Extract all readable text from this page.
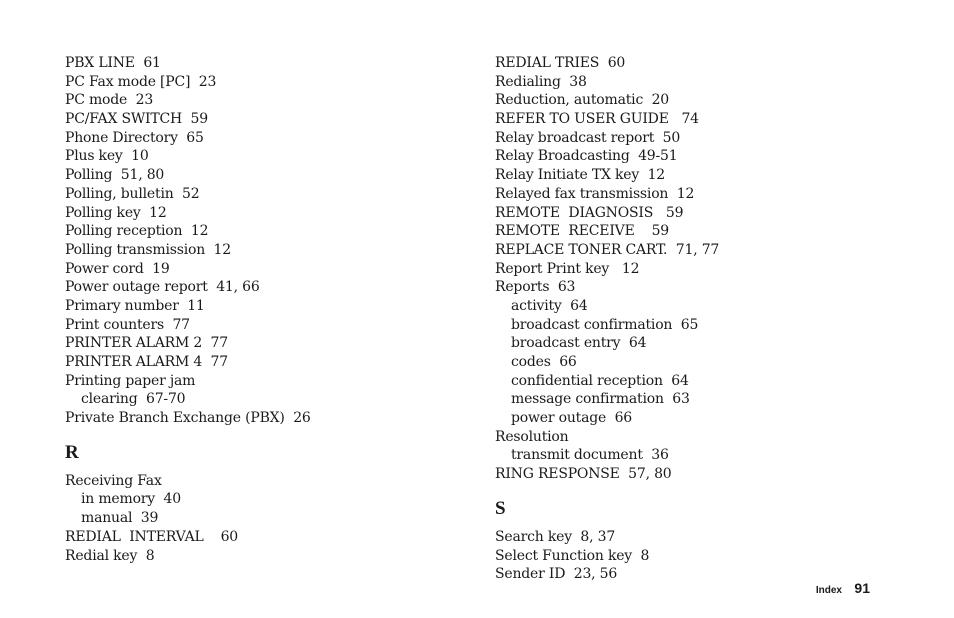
PBX LINE  61
PC Fax mode [PC]  23
PC mode  23
PC/FAX SWITCH  59
Phone Directory  65
Plus key  10
Polling  51, 80
Polling, bulletin  52
Polling key  12
Polling reception  12
Polling transmission  12
Power cord  19
Power outage report  41, 66
Primary number  11
Print counters  77
PRINTER ALARM 2  77
PRINTER ALARM 4  77
Printing paper jam
clearing  67-70
Private Branch Exchange (PBX)  26
R
Receiving Fax
in memory  40
manual  39
REDIAL  INTERVAL    60
Redial key  8
REDIAL TRIES  60
Redialing  38
Reduction, automatic  20
REFER TO USER GUIDE   74
Relay broadcast report  50
Relay Broadcasting  49-51
Relay Initiate TX key  12
Relayed fax transmission  12
REMOTE  DIAGNOSIS   59
REMOTE  RECEIVE    59
REPLACE TONER CART.  71, 77
Report Print key   12
Reports  63
activity  64
broadcast confirmation  65
broadcast entry  64
codes  66
confidential reception  64
message confirmation  63
power outage  66
Resolution
transmit document  36
RING RESPONSE  57, 80
S
Search key  8, 37
Select Function key  8
Sender ID  23, 56
Index 91
